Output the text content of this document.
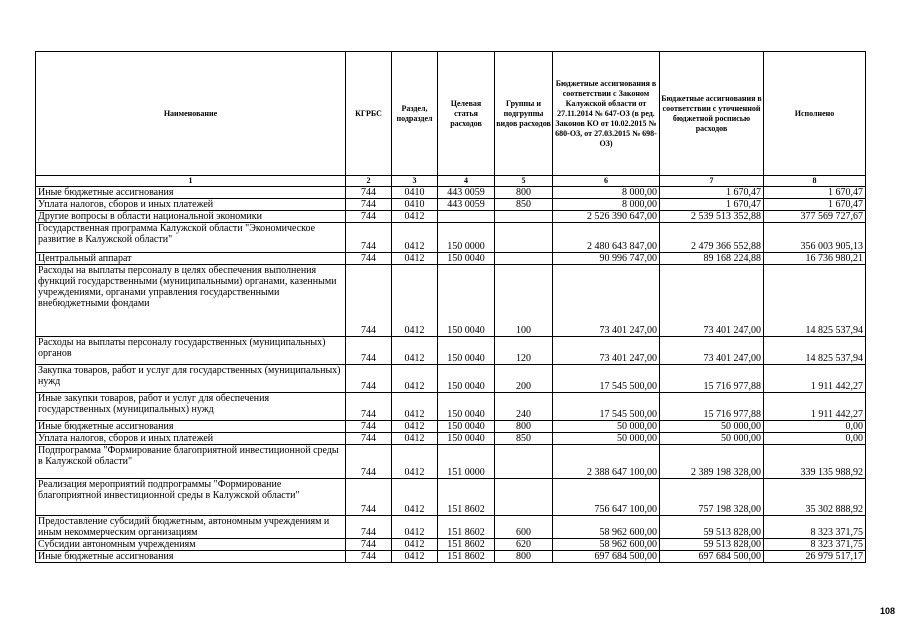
Наименование	КГРБС	Раздел, подраздел	Целевая статья расходов	Группы и подгруппы видов расходов	Бюджетные ассигнования в соответствии с Законом Калужской области от 27.11.2014 № 647-ОЗ (в ред. Законов КО от 10.02.2015 № 680-ОЗ, от 27.03.2015 № 698-ОЗ)	Бюджетные ассигнования в соответствии с уточненной бюджетной росписью расходов	Исполнено
1	2	3	4	5	6	7	8
Иные бюджетные ассигнования	744	0410	443 0059	800	8 000,00	1 670,47	1 670,47
Уплата налогов, сборов и иных платежей	744	0410	443 0059	850	8 000,00	1 670,47	1 670,47
Другие вопросы в области национальной экономики	744	0412			2 526 390 647,00	2 539 513 352,88	377 569 727,67
Государственная программа Калужской области "Экономическое развитие в Калужской области"	744	0412	150 0000		2 480 643 847,00	2 479 366 552,88	356 003 905,13
Центральный аппарат	744	0412	150 0040		90 996 747,00	89 168 224,88	16 736 980,21
Расходы на выплаты персоналу в целях обеспечения выполнения функций государственными (муниципальными) органами, казенными учреждениями, органами управления государственными внебюджетными фондами	744	0412	150 0040	100	73 401 247,00	73 401 247,00	14 825 537,94
Расходы на выплаты персоналу государственных (муниципальных) органов	744	0412	150 0040	120	73 401 247,00	73 401 247,00	14 825 537,94
Закупка товаров, работ и услуг для государственных (муниципальных) нужд	744	0412	150 0040	200	17 545 500,00	15 716 977,88	1 911 442,27
Иные закупки товаров, работ и услуг для обеспечения государственных (муниципальных) нужд	744	0412	150 0040	240	17 545 500,00	15 716 977,88	1 911 442,27
Иные бюджетные ассигнования	744	0412	150 0040	800	50 000,00	50 000,00	0,00
Уплата налогов, сборов и иных платежей	744	0412	150 0040	850	50 000,00	50 000,00	0,00
Подпрограмма "Формирование благоприятной инвестиционной среды в Калужской области"	744	0412	151 0000		2 388 647 100,00	2 389 198 328,00	339 135 988,92
Реализация мероприятий подпрограммы "Формирование благоприятной инвестиционной среды в Калужской области"	744	0412	151 8602		756 647 100,00	757 198 328,00	35 302 888,92
Предоставление субсидий бюджетным, автономным учреждениям и иным некоммерческим организациям	744	0412	151 8602	600	58 962 600,00	59 513 828,00	8 323 371,75
Субсидии автономным учреждениям	744	0412	151 8602	620	58 962 600,00	59 513 828,00	8 323 371,75
Иные бюджетные ассигнования	744	0412	151 8602	800	697 684 500,00	697 684 500,00	26 979 517,17
108
